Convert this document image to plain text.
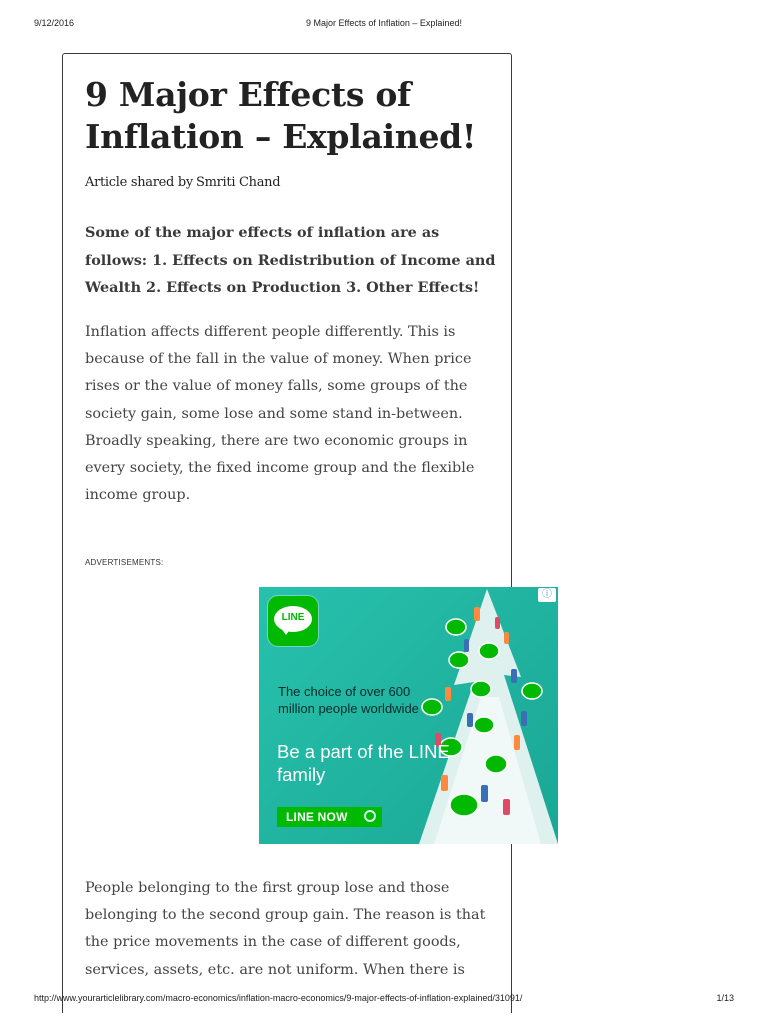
9/12/2016	9 Major Effects of Inflation – Explained!
9 Major Effects of Inflation – Explained!
Article shared by Smriti Chand

Some of the major effects of inflation are as follows: 1. Effects on Redistribution of Income and Wealth 2. Effects on Production 3. Other Effects!

Inflation affects different people differently. This is because of the fall in the value of money. When price rises or the value of money falls, some groups of the society gain, some lose and some stand in-between. Broadly speaking, there are two economic groups in every society, the fixed income group and the flexible income group.

ADVERTISEMENTS:

People belonging to the first group lose and those belonging to the second group gain. The reason is that the price movements in the case of different goods, services, assets, etc. are not uniform. When there is

ⓘ
LINE

The choice of over 600 million people worldwide

Be a part of the LINE family

LINE NOW
http://www.yourarticlelibrary.com/macro-economics/inflation-macro-economics/9-major-effects-of-inflation-explained/31091/	1/13
